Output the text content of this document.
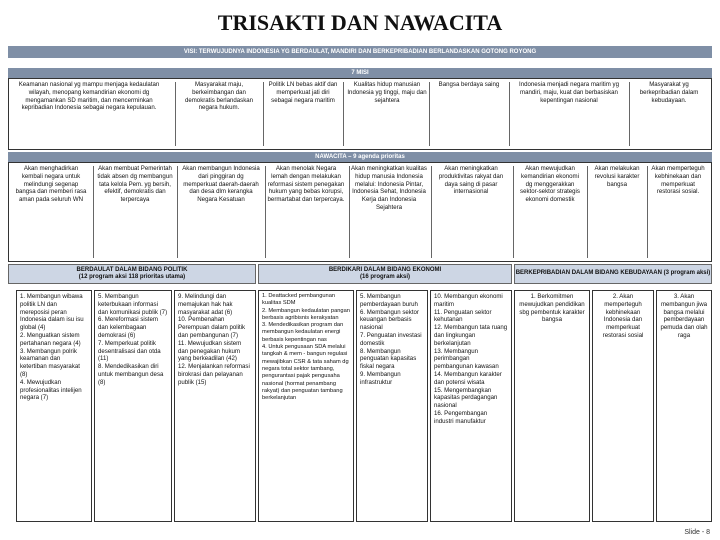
TRISAKTI DAN NAWACITA
VISI: TERWUJUDNYA INDONESIA YG BERDAULAT, MANDIRI DAN BERKEPRIBADIAN BERLANDASKAN GOTONG ROYONG
7 MISI
Keamanan nasional yg mampu menjaga kedaulatan wilayah, menopang kemandirian ekonomi dg mengamankan SD maritim, dan mencerminkan kepribadian Indonesia sebagai negara kepulauan.
Masyarakat maju, berkeimbangan dan demokratis berlandaskan negara hukum.
Politik LN bebas aktif dan memperkuat jati diri sebagai negara maritim
Kualitas hidup manusian Indonesia yg tinggi, maju dan sejahtera
Bangsa berdaya saing	Indonesia menjadi negara maritim yg mandiri, maju, kuat dan berbasiskan kepentingan nasional
Masyarakat yg berkepribadian dalam kebudayaan.
NAWACITA – 9 agenda prioritas
Akan menghadirkan kembali negara untuk melindungi segenap bangsa dan memberi rasa aman pada seluruh WN
Akan membuat Pemerintah tidak absen dg membangun tata kelola Pem. yg bersih, efektif, demokratis dan terpercaya
Akan membangun Indonesia dari pinggiran dg memperkuat daerah-daerah dan desa dlm kerangka Negara Kesatuan
Akan menolak Negara lemah dengan melakukan reformasi sistem penegakan hukum yang bebas korupsi, bermartabat dan terpercaya.
Akan meningkatkan kualitas hidup manusia Indonesia melalui: Indonesia Pintar, Indonesia Sehat, Indonesia Kerja dan Indonesia Sejahtera
Akan meningkatkan produktivitas rakyat dan daya saing di pasar internasional
Akan mewujudkan kemandirian ekonomi dg menggerakkan sektor-sektor strategis ekonomi domestik
Akan melakukan revolusi karakter bangsa
Akan memperteguh kebhinekaan dan memperkuat restorasi sosial.
BERDAULAT DALAM BIDANG POLITIK
(12 program aksi 118 prioritas utama)
BERDIKARI DALAM BIDANG EKONOMI
(16 program aksi)
BERKEPRIBADIAN DALAM BIDANG KEBUDAYAAN (3 program aksi)
1. Membangun wibawa politik LN dan mereposisi peran Indonesia dalam isu isu global (4)
2. Menguatkan sistem pertahanan negara (4)
3. Membangun polrik keamanan dan ketertiban masyarakat (8)
4. Mewujudkan profesionalitas intelijen negara (7)
5. Membangun keterbukaan informasi dan komunikasi publik (7)
6. Mereformasi sistem dan kelembagaan demokrasi (6)
7. Memperkuat politik desentralisasi dan otda (11)
8. Mendedikasikan diri untuk membangun desa (8)
9. Melindungi dan memajukan hak hak masyarakat adat (6)
10. Pembenahan Perempuan dalam politik dan pembangunan (7)
11. Mewujudkan sistem dan penegakan hukum yang berkeadilan (42)
12. Menjalankan reformasi birokrasi dan pelayanan publik (15)
1. Deattacked pembangunan kualitas SDM
2. Membangun kedaulatan pangan berbasis agribisnis kerakyatan
3. Mendedikasikan program dan membangun kedaulatan energi berbasis kepentingan nas
4. Untuk pengusaan SDA melalui tangkah & mem - bangun regulasi mewajibkan CSR & tata saham dg negara total sektor tambang, pengurantasi pajak pengusaha nasional (hormat penambang rakyat) dan penguatan tambang berkelanjutan
5. Membangun pemberdayaan buruh
6. Membangun sektor keuangan berbasis nasional
7. Penguatan investasi domestik
8. Membangun penguatan kapasitas fiskal negara
9. Membangun infrastruktur
10. Membangun ekonomi maritim
11. Penguatan sektor kehutanan
12. Membangun tata ruang dan lingkungan berkelanjutan
13. Membangun perimbangan pembangunan kawasan
14. Membangun karakter dan potensi wisata
15. Mengembangkan kapasitas perdagangan nasional
16. Pengembangan industri manufaktur
1. Berkomitmen mewujudkan pendidikan sbg pembentuk karakter bangsa
2. Akan memperteguh kebhinekaan Indonesia dan memperkuat restorasi sosial
3. Akan membangun jiwa bangsa melalui pemberdayaan pemuda dan olah raga
Slide - 8
